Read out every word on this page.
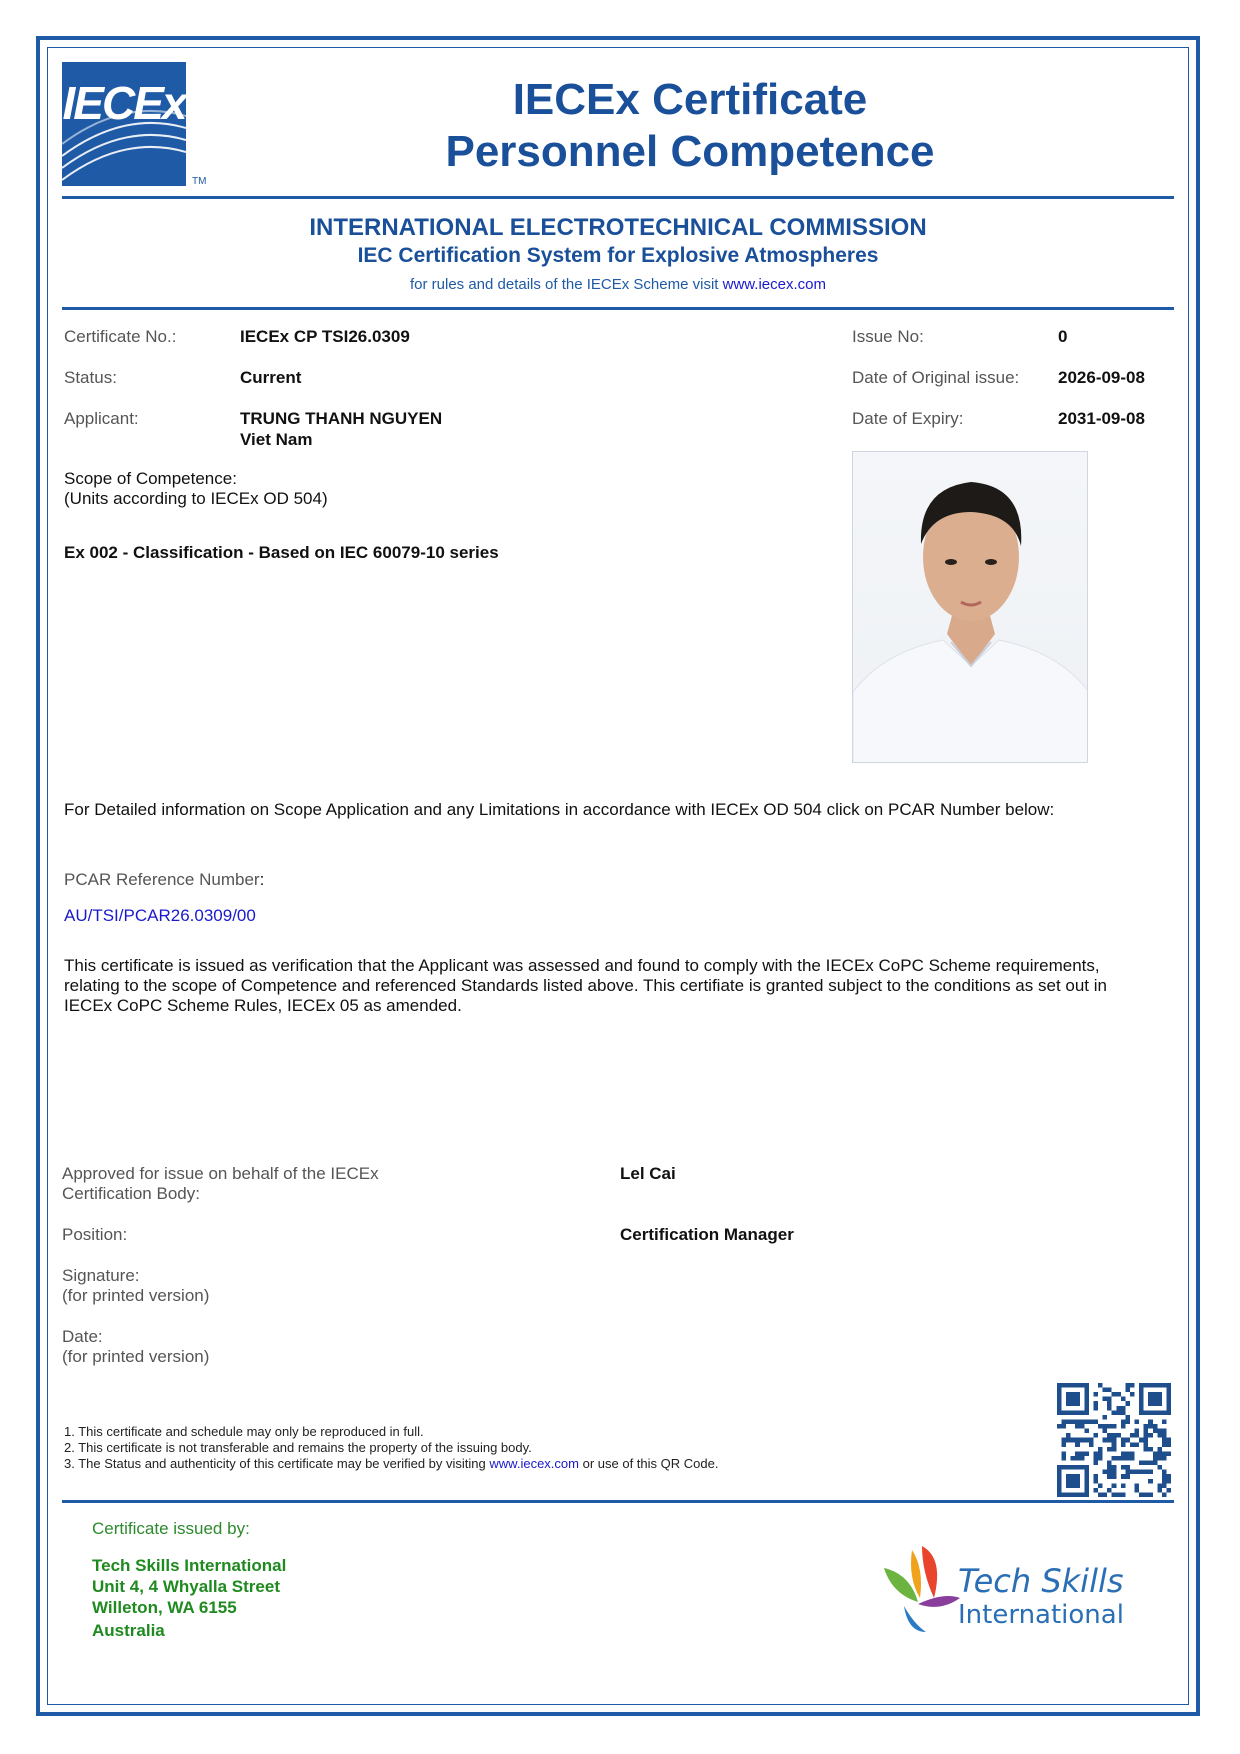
IECEx
TM
IECEx Certificate
Personnel Competence
INTERNATIONAL ELECTROTECHNICAL COMMISSION
IEC Certification System for Explosive Atmospheres
for rules and details of the IECEx Scheme visit www.iecex.com
Certificate No.:	IECEx CP TSI26.0309
Status:	Current
Applicant:	TRUNG THANH NGUYEN
Viet Nam
Issue No:	0
Date of Original issue: 2026-09-08
Date of Expiry:	2031-09-08
Scope of Competence:
(Units according to IECEx OD 504)
Ex 002 - Classification - Based on IEC 60079-10 series
For Detailed information on Scope Application and any Limitations in accordance with IECEx OD 504 click on PCAR Number below:
PCAR Reference Number:
AU/TSI/PCAR26.0309/00
This certificate is issued as verification that the Applicant was assessed and found to comply with the IECEx CoPC Scheme requirements,
relating to the scope of Competence and referenced Standards listed above. This certifiate is granted subject to the conditions as set out in
IECEx CoPC Scheme Rules, IECEx 05 as amended.
Approved for issue on behalf of the IECEx
Certification Body:
Lel Cai
Position:	Certification Manager
Signature:
(for printed version)
Date:
(for printed version)
1. This certificate and schedule may only be reproduced in full.
2. This certificate is not transferable and remains the property of the issuing body.
3. The Status and authenticity of this certificate may be verified by visiting www.iecex.com or use of this QR Code.
Certificate issued by:
Tech Skills International
Unit 4, 4 Whyalla Street
Willeton, WA 6155
Australia
Tech Skills
International
